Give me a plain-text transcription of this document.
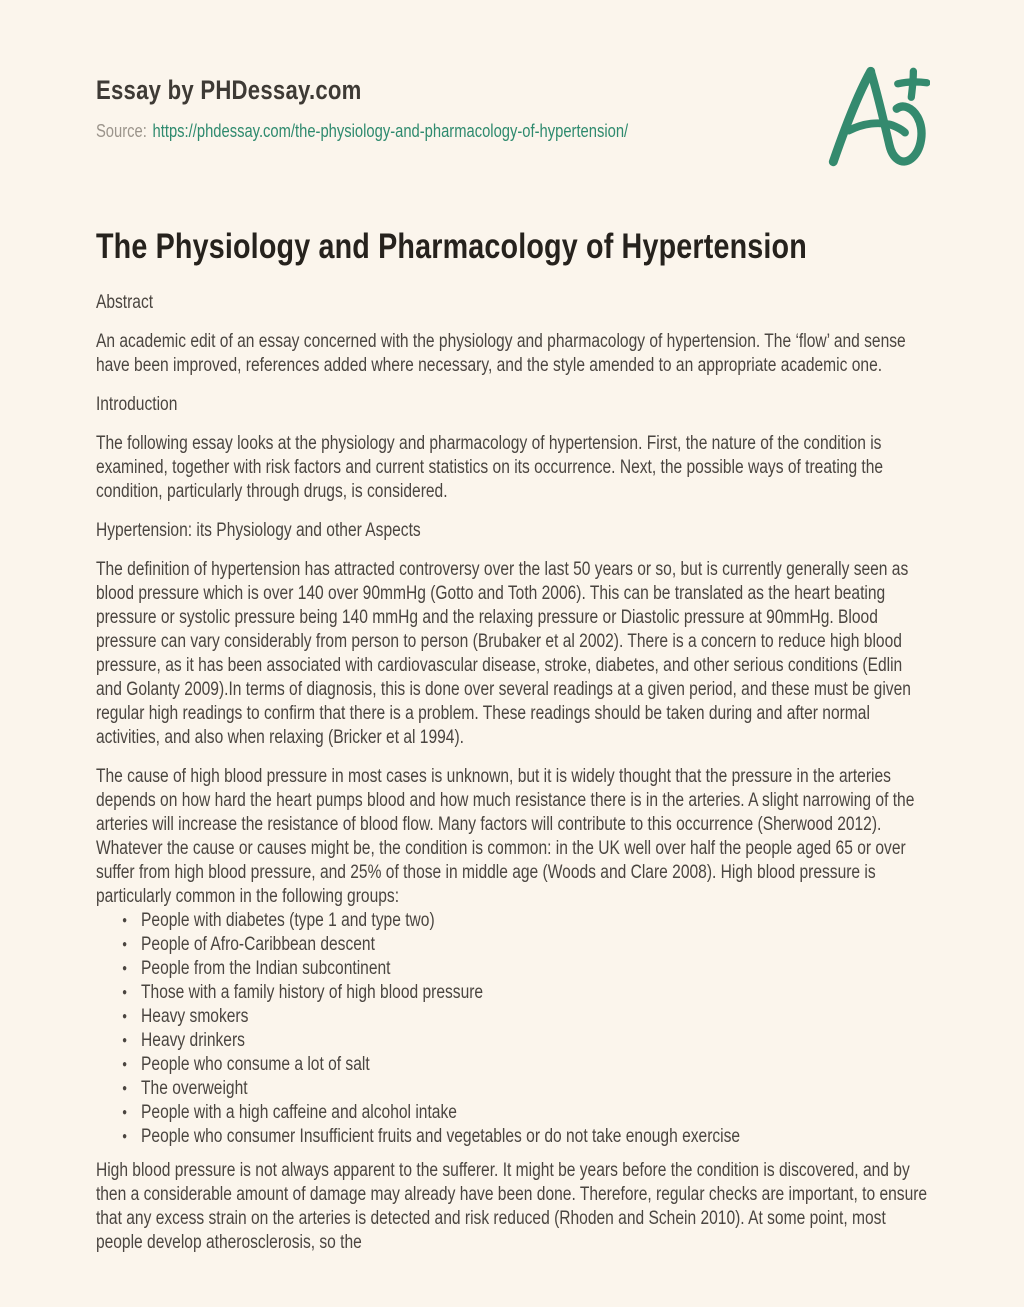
Essay by PHDessay.com
Source: https://phdessay.com/the-physiology-and-pharmacology-of-hypertension/
The Physiology and Pharmacology of Hypertension
Abstract

An academic edit of an essay concerned with the physiology and pharmacology of hypertension. The ‘flow’ and sense have been improved, references added where necessary, and the style amended to an appropriate academic one.

Introduction

The following essay looks at the physiology and pharmacology of hypertension. First, the nature of the condition is examined, together with risk factors and current statistics on its occurrence. Next, the possible ways of treating the condition, particularly through drugs, is considered.

Hypertension: its Physiology and other Aspects

The definition of hypertension has attracted controversy over the last 50 years or so, but is currently generally seen as blood pressure which is over 140 over 90mmHg (Gotto and Toth 2006). This can be translated as the heart beating pressure or systolic pressure being 140 mmHg and the relaxing pressure or Diastolic pressure at 90mmHg. Blood pressure can vary considerably from person to person (Brubaker et al 2002). There is a concern to reduce high blood pressure, as it has been associated with cardiovascular disease, stroke, diabetes, and other serious conditions (Edlin and Golanty 2009).In terms of diagnosis, this is done over several readings at a given period, and these must be given regular high readings to confirm that there is a problem. These readings should be taken during and after normal activities, and also when relaxing (Bricker et al 1994).

The cause of high blood pressure in most cases is unknown, but it is widely thought that the pressure in the arteries depends on how hard the heart pumps blood and how much resistance there is in the arteries. A slight narrowing of the arteries will increase the resistance of blood flow. Many factors will contribute to this occurrence (Sherwood 2012). Whatever the cause or causes might be, the condition is common: in the UK well over half the people aged 65 or over suffer from high blood pressure, and 25% of those in middle age (Woods and Clare 2008). High blood pressure is particularly common in the following groups:

● People with diabetes (type 1 and type two)
● People of Afro-Caribbean descent
● People from the Indian subcontinent
● Those with a family history of high blood pressure
● Heavy smokers
● Heavy drinkers
● People who consume a lot of salt
● The overweight
● People with a high caffeine and alcohol intake
● People who consumer Insufficient fruits and vegetables or do not take enough exercise

High blood pressure is not always apparent to the sufferer. It might be years before the condition is discovered, and by then a considerable amount of damage may already have been done. Therefore, regular checks are important, to ensure that any excess strain on the arteries is detected and risk reduced (Rhoden and Schein 2010). At some point, most people develop atherosclerosis, so the
